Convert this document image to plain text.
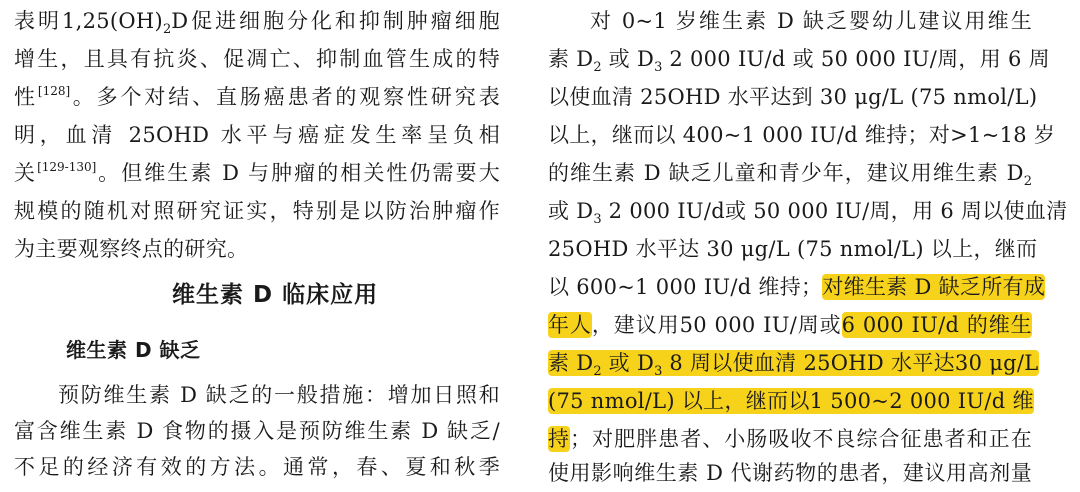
表明$1,25(OH)_2D$促进细胞分化和抑制肿瘤细胞
增生，且具有抗炎、促凋亡、抑制血管生成的特
性[128]。多个对结、直肠癌患者的观察性研究表
明，血清 25OHD 水平与癌症发生率呈负相
关[129-130]。但维生素 D 与肿瘤的相关性仍需要大
规模的随机对照研究证实，特别是以防治肿瘤作
为主要观察终点的研究。
维生素 D 临床应用
维生素 D 缺乏
预防维生素 D 缺乏的一般措施：增加日照和
富含维生素 D 食物的摄入是预防维生素 D 缺乏/
不足的经济有效的方法。通常，春、夏和秋季
对 0~1 岁维生素 D 缺乏婴幼儿建议用维生
素 $D_2$ 或 $D_3$ 2 000 IU/d 或 50 000 IU/周，用 6 周
以使血清 25OHD 水平达到 30 μg/L (75 nmol/L)
以上，继而以 400~1 000 IU/d 维持；对>1~18 岁
的维生素 D 缺乏儿童和青少年，建议用维生素 $D_2$
或 $D_3$ 2 000 IU/d或 50 000 IU/周，用 6 周以使血清
25OHD 水平达 30 μg/L (75 nmol/L) 以上，继而
以 600~1 000 IU/d 维持；对维生素 D 缺乏所有成
年人，建议用50 000 IU/周或6 000 IU/d 的维生
素 $D_2$ 或 $D_3$ 8 周以使血清 25OHD 水平达30 μg/L
(75 nmol/L) 以上，继而以1 500~2 000 IU/d 维
持；对肥胖患者、小肠吸收不良综合征患者和正在
使用影响维生素 D 代谢药物的患者，建议用高剂量
